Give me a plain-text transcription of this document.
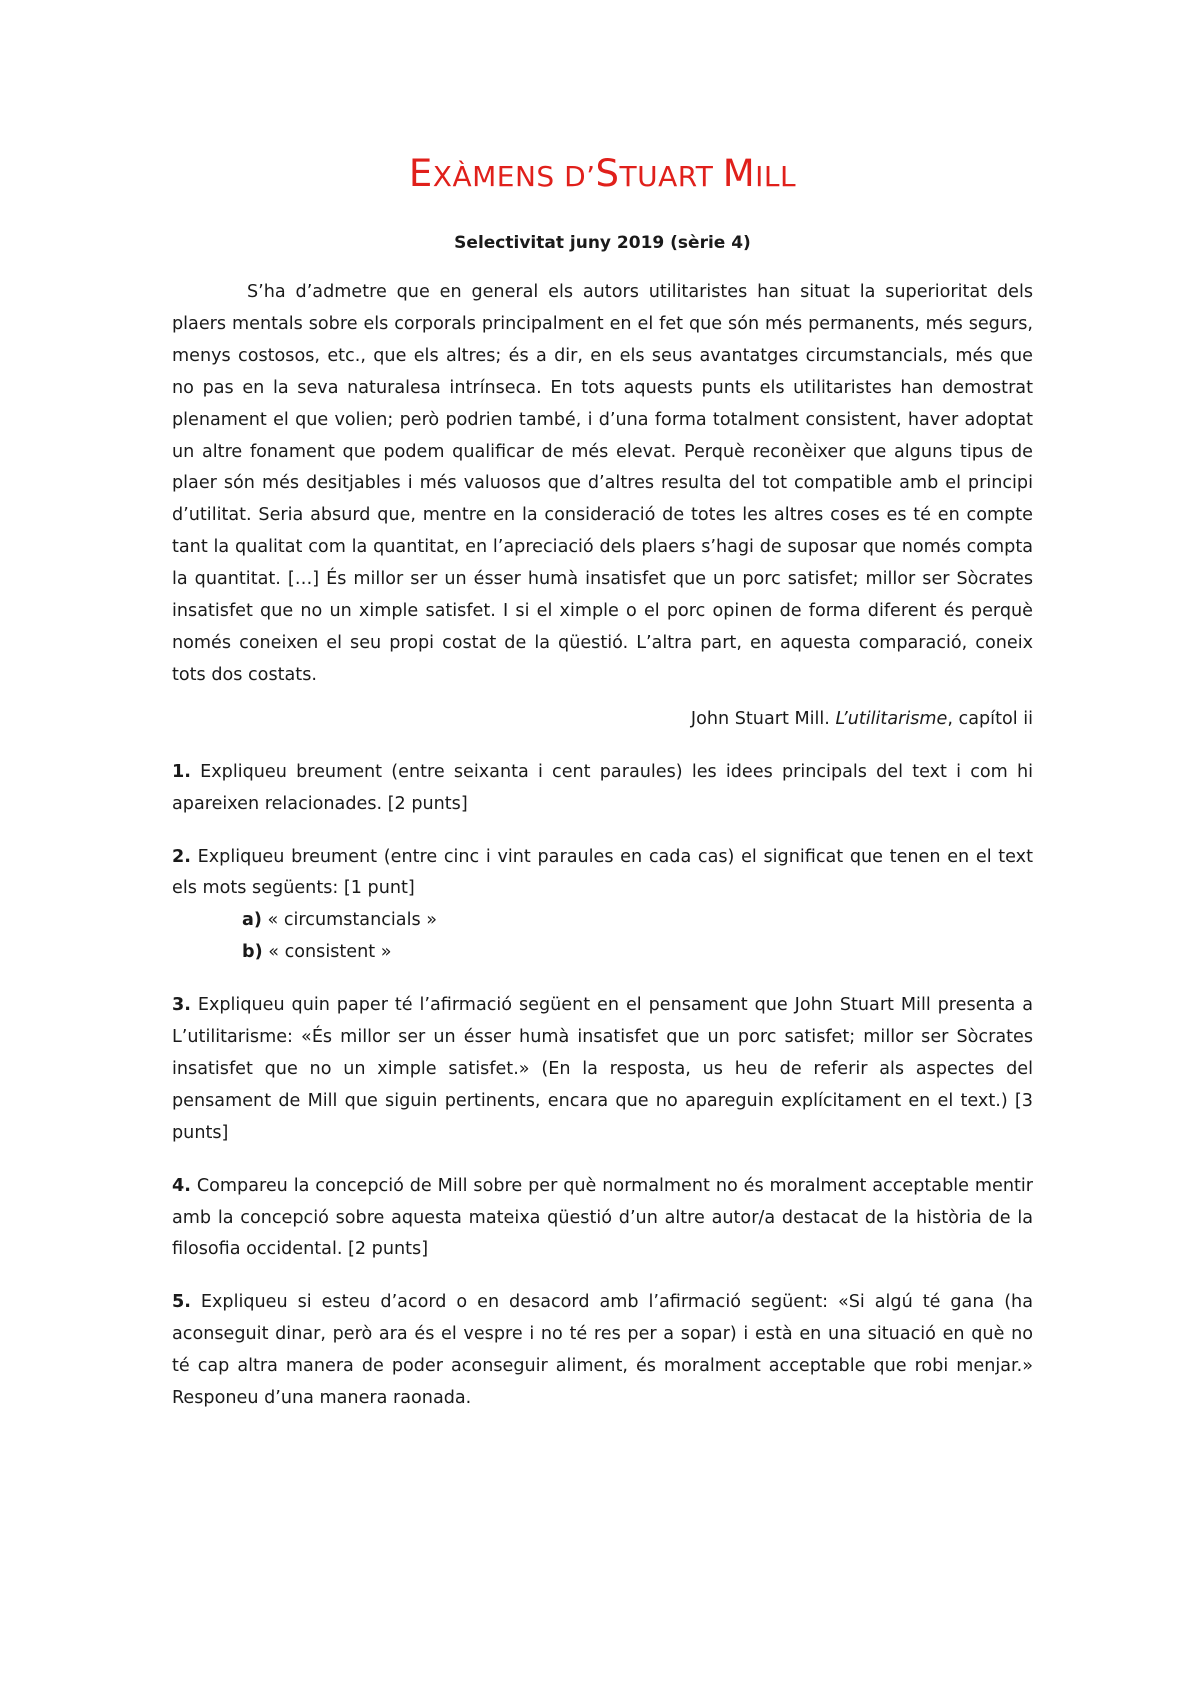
EXÀMENS D’STUART MILL

Selectivitat juny 2019 (sèrie 4)

S’ha d’admetre que en general els autors utilitaristes han situat la superioritat dels plaers mentals sobre els corporals principalment en el fet que són més permanents, més segurs, menys costosos, etc., que els altres; és a dir, en els seus avantatges circumstancials, més que no pas en la seva naturalesa intrínseca. En tots aquests punts els utilitaristes han demostrat plenament el que volien; però podrien també, i d’una forma totalment consistent, haver adoptat un altre fonament que podem qualificar de més elevat. Perquè reconèixer que alguns tipus de plaer són més desitjables i més valuosos que d’altres resulta del tot compatible amb el principi d’utilitat. Seria absurd que, mentre en la consideració de totes les altres coses es té en compte tant la qualitat com la quantitat, en l’apreciació dels plaers s’hagi de suposar que només compta la quantitat. […] És millor ser un ésser humà insatisfet que un porc satisfet; millor ser Sòcrates insatisfet que no un ximple satisfet. I si el ximple o el porc opinen de forma diferent és perquè només coneixen el seu propi costat de la qüestió. L’altra part, en aquesta comparació, coneix tots dos costats.

John Stuart Mill. L’utilitarisme, capítol ii

1. Expliqueu breument (entre seixanta i cent paraules) les idees principals del text i com hi apareixen relacionades. [2 punts]

2. Expliqueu breument (entre cinc i vint paraules en cada cas) el significat que tenen en el text els mots següents: [1 punt]

a) « circumstancials »
b) « consistent »

3. Expliqueu quin paper té l’afirmació següent en el pensament que John Stuart Mill presenta a L’utilitarisme: «És millor ser un ésser humà insatisfet que un porc satisfet; millor ser Sòcrates insatisfet que no un ximple satisfet.» (En la resposta, us heu de referir als aspectes del pensament de Mill que siguin pertinents, encara que no apareguin explícitament en el text.) [3 punts]

4. Compareu la concepció de Mill sobre per què normalment no és moralment acceptable mentir amb la concepció sobre aquesta mateixa qüestió d’un altre autor/a destacat de la història de la filosofia occidental. [2 punts]

5. Expliqueu si esteu d’acord o en desacord amb l’afirmació següent: «Si algú té gana (ha aconseguit dinar, però ara és el vespre i no té res per a sopar) i està en una situació en què no té cap altra manera de poder aconseguir aliment, és moralment acceptable que robi menjar.» Responeu d’una manera raonada.
